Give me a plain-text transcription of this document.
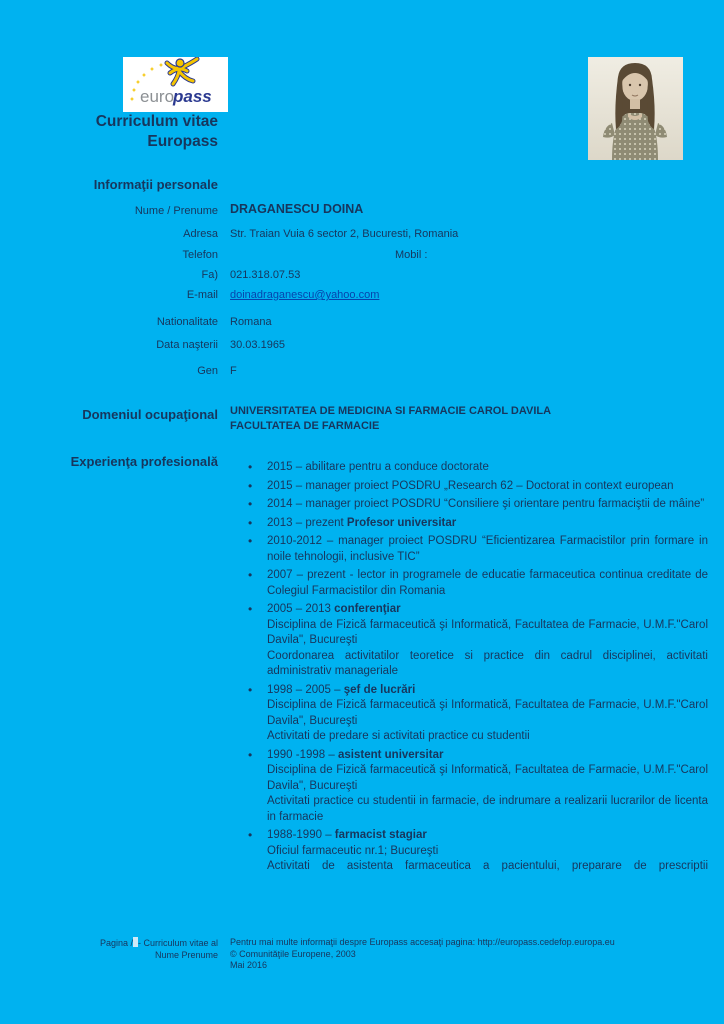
euro
pass
Curriculum vitae
Europass
Informaţii personale
Nume / Prenume DRAGANESCU DOINA
Adresa Str. Traian Vuia 6 sector 2, Bucuresti, Romania
Telefon	Mobil :
Fa) 021.318.07.53
E-mail doinadraganescu@yahoo.com
Nationalitate Romana
Data naşterii 30.03.1965
Gen F
Domeniul ocupaţional UNIVERSITATEA DE MEDICINA SI FARMACIE CAROL DAVILA
FACULTATEA DE FARMACIE
Experienţa profesională	• 2015 – abilitare pentru a conduce doctorate
• 2015 – manager proiect POSDRU „Research 62 – Doctorat in context european
• 2014 – manager proiect POSDRU “Consiliere şi orientare pentru farmaciştii de mâine”
• 2013 – prezent Profesor universitar
• 2010-2012 – manager proiect POSDRU “Eficientizarea Farmacistilor prin formare in noile tehnologii, inclusive TIC”
• 2007 – prezent - lector in programele de educatie farmaceutica continua creditate de Colegiul Farmacistilor din Romania
• 2005 – 2013 conferenţiar
Disciplina de Fizică farmaceutică şi Informatică, Facultatea de Farmacie, U.M.F."Carol Davila", Bucureşti
Coordonarea activitatilor teoretice si practice din cadrul disciplinei, activitati administrativ manageriale
• 1998 – 2005 – şef de lucrări
Disciplina de Fizică farmaceutică şi Informatică, Facultatea de Farmacie, U.M.F."Carol Davila", Bucureşti
Activitati de predare si activitati practice cu studentii
• 1990 -1998 – asistent universitar
Disciplina de Fizică farmaceutică şi Informatică, Facultatea de Farmacie, U.M.F."Carol Davila", Bucureşti
Activitati practice cu studentii in farmacie, de indrumare a realizarii lucrarilor de licenta in farmacie
• 1988-1990 – farmacist stagiar
Oficiul farmaceutic nr.1; Bucureşti
Activitati de asistenta farmaceutica a pacientului, preparare de prescriptii
Pagina / - Curriculum vitae al
Nume Prenume
Pentru mai multe informaţii despre Europass accesaţi pagina: http://europass.cedefop.europa.eu
© Comunităţile Europene, 2003
Mai 2016
